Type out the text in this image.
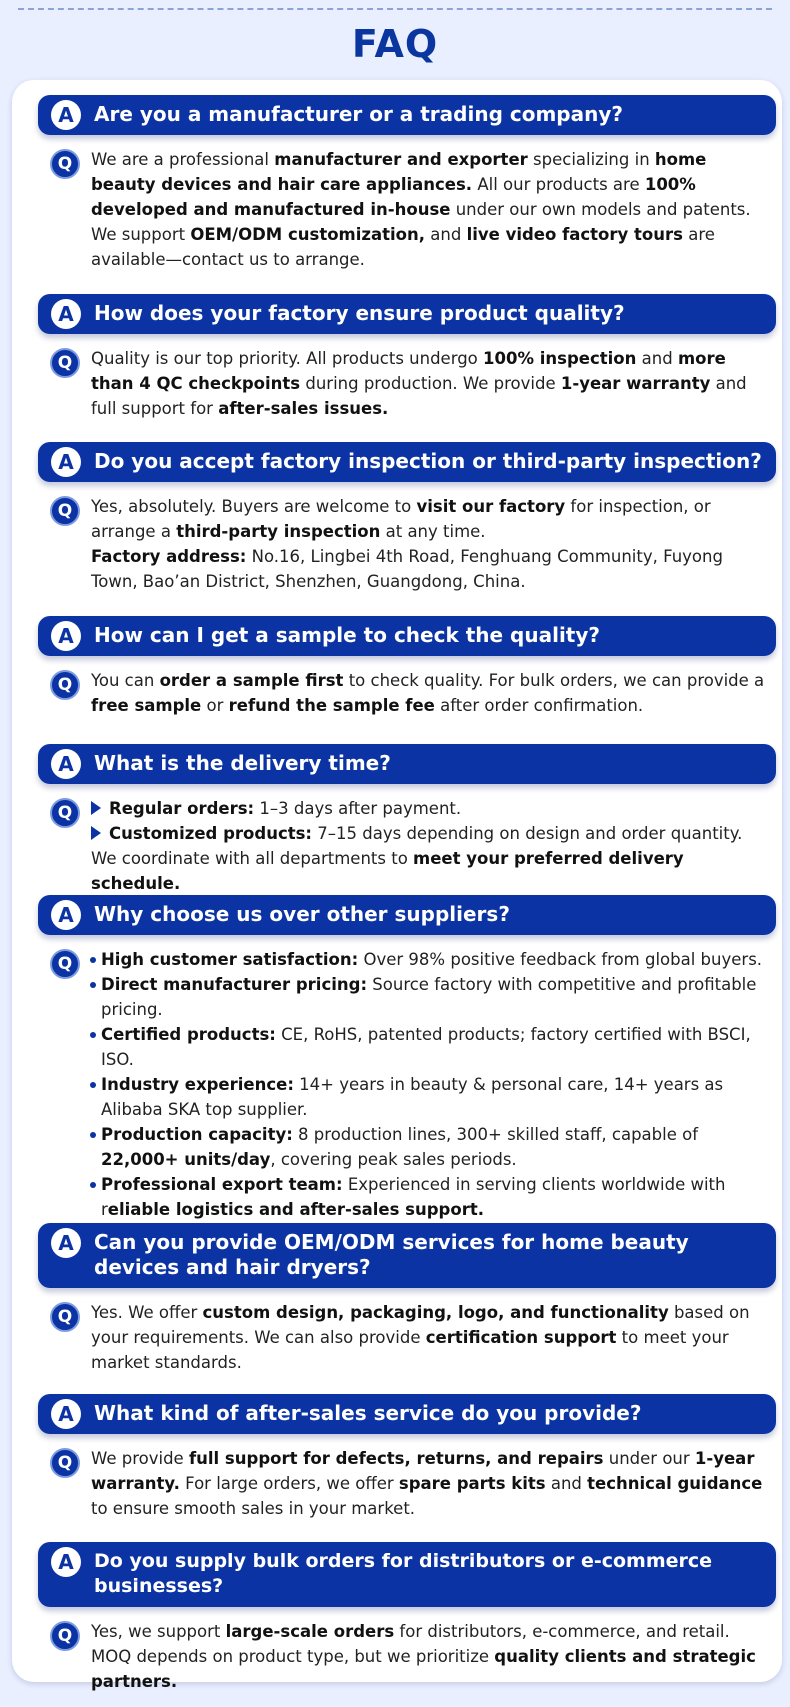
FAQ
A	Are you a manufacturer or a trading company?
Q	We are a professional manufacturer and exporter specializing in home beauty devices and hair care appliances. All our products are 100% developed and manufactured in-house under our own models and patents. We support OEM/ODM customization, and live video factory tours are available—contact us to arrange.
A	How does your factory ensure product quality?
Q	Quality is our top priority. All products undergo 100% inspection and more than 4 QC checkpoints during production. We provide 1-year warranty and full support for after-sales issues.
A	Do you accept factory inspection or third-party inspection?
Q	Yes, absolutely. Buyers are welcome to visit our factory for inspection, or arrange a third-party inspection at any time.
Factory address: No.16, Lingbei 4th Road, Fenghuang Community, Fuyong Town, Bao’an District, Shenzhen, Guangdong, China.
A	How can I get a sample to check the quality?
Q	You can order a sample first to check quality. For bulk orders, we can provide a free sample or refund the sample fee after order confirmation.
A	What is the delivery time?
Q	Regular orders: 1–3 days after payment.
Customized products: 7–15 days depending on design and order quantity.
We coordinate with all departments to meet your preferred delivery schedule.
A	Why choose us over other suppliers?
Q	High customer satisfaction: Over 98% positive feedback from global buyers.
Direct manufacturer pricing: Source factory with competitive and profitable pricing.
Certified products: CE, RoHS, patented products; factory certified with BSCI, ISO.
Industry experience: 14+ years in beauty & personal care, 14+ years as Alibaba SKA top supplier.
Production capacity: 8 production lines, 300+ skilled staff, capable of 22,000+ units/day, covering peak sales periods.
Professional export team: Experienced in serving clients worldwide with reliable logistics and after-sales support.
A	Can you provide OEM/ODM services for home beauty devices and hair dryers?
Q	Yes. We offer custom design, packaging, logo, and functionality based on your requirements. We can also provide certification support to meet your market standards.
A	What kind of after-sales service do you provide?
Q	We provide full support for defects, returns, and repairs under our 1-year warranty. For large orders, we offer spare parts kits and technical guidance to ensure smooth sales in your market.
A	Do you supply bulk orders for distributors or e-commerce businesses?
Q	Yes, we support large-scale orders for distributors, e-commerce, and retail. MOQ depends on product type, but we prioritize quality clients and strategic partners.
